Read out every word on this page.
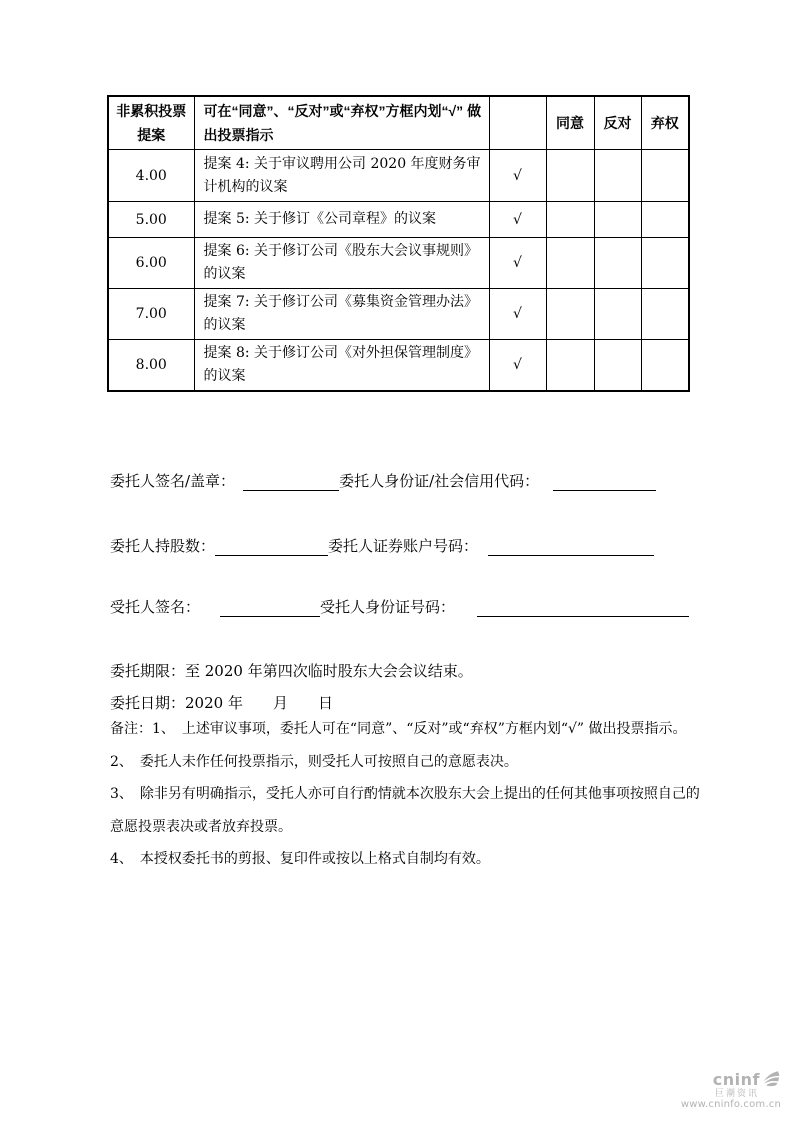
非累积投票提案	可在“同意”、“反对”或“弃权”方框内划“√” 做出投票指示		同意	反对	弃权
4.00	提案 4: 关于审议聘用公司 2020 年度财务审计机构的议案	√			
5.00	提案 5: 关于修订《公司章程》的议案	√			
6.00	提案 6: 关于修订公司《股东大会议事规则》的议案	√			
7.00	提案 7: 关于修订公司《募集资金管理办法》的议案	√			
8.00	提案 8: 关于修订公司《对外担保管理制度》的议案	√			
委托人签名/盖章：	委托人身份证/社会信用代码：
委托人持股数：	委托人证券账户号码：
受托人签名：	受托人身份证号码：
委托期限：至 2020 年第四次临时股东大会会议结束。
委托日期：2020 年　　月　　日

备注：1、　上述审议事项，委托人可在“同意”、“反对”或“弃权”方框内划“√” 做出投票指示。

2、　委托人未作任何投票指示，则受托人可按照自己的意愿表决。

3、　除非另有明确指示，受托人亦可自行酌情就本次股东大会上提出的任何其他事项按照自己的意愿投票表决或者放弃投票。

4、　本授权委托书的剪报、复印件或按以上格式自制均有效。

cninf
巨潮资讯
www.cninfo.com.cn
